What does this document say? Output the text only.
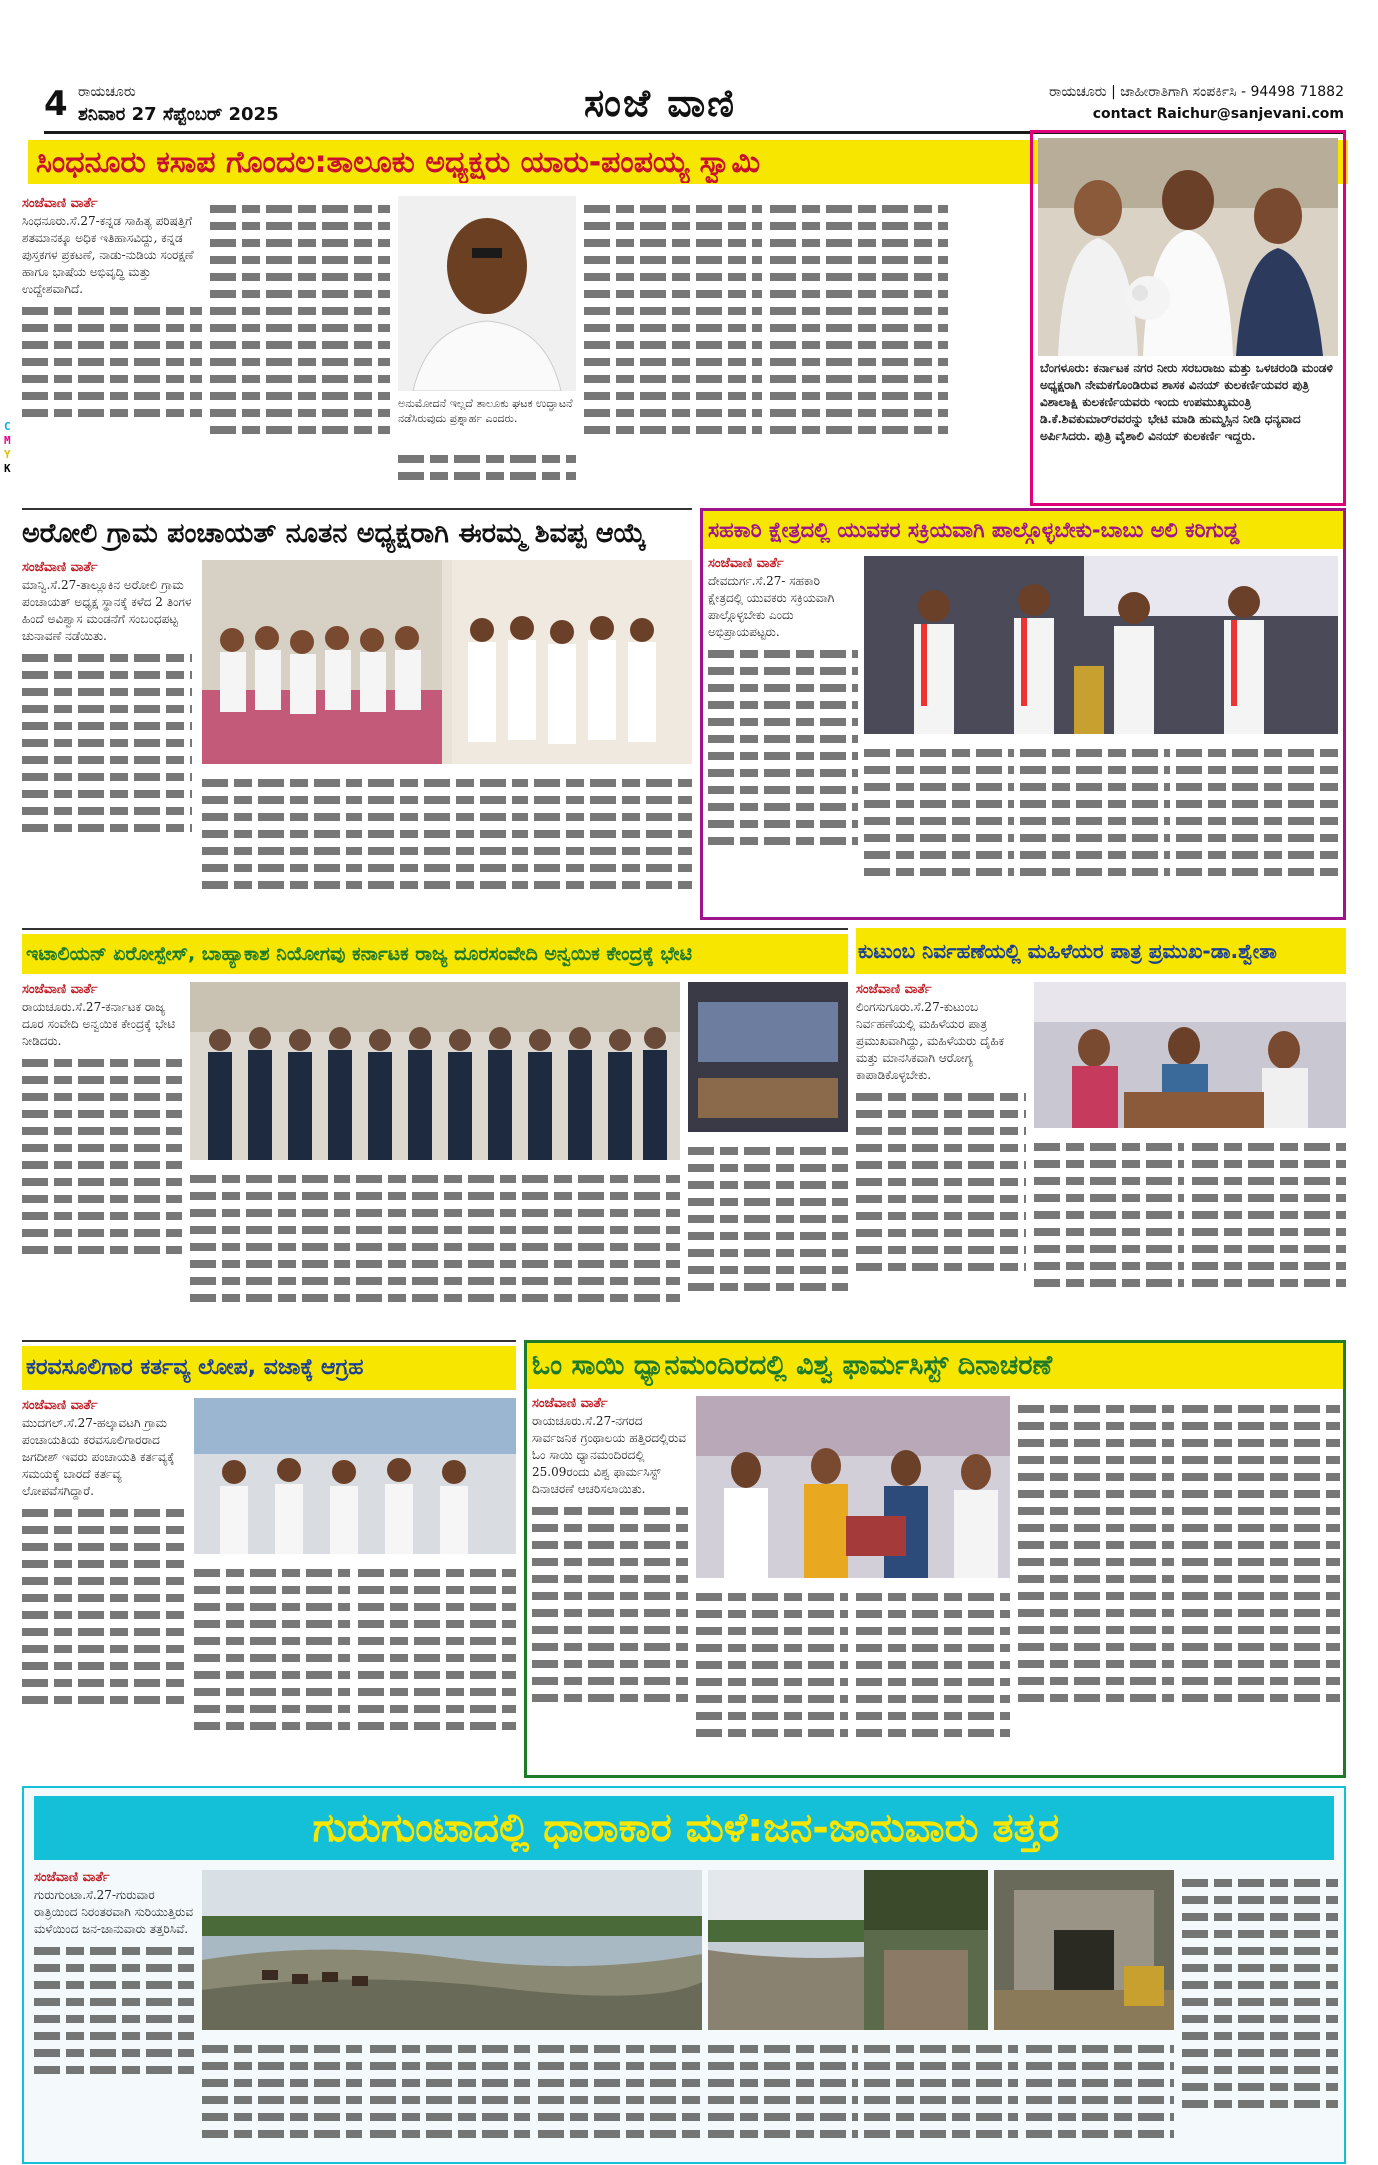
4 ರಾಯಚೂರು
ಶನಿವಾರ 27 ಸೆಪ್ಟೆಂಬರ್ 2025	ಸಂಜೆ ವಾಣಿ	ರಾಯಚೂರು | ಜಾಹೀರಾತಿಗಾಗಿ ಸಂಪರ್ಕಿಸಿ - 94498 71882
contact Raichur@sanjevani.com
C
M
Y
K
ಸಿಂಧನೂರು ಕಸಾಪ ಗೊಂದಲ:ತಾಲೂಕು ಅಧ್ಯಕ್ಷರು ಯಾರು-ಪಂಪಯ್ಯ ಸ್ವಾಮಿ
ಸಂಜೆವಾಣಿ ವಾರ್ತೆ
ಸಿಂಧನೂರು.ಸೆ.27-ಕನ್ನಡ ಸಾಹಿತ್ಯ ಪರಿಷತ್ತಿಗೆ ಶತಮಾನಕ್ಕೂ ಅಧಿಕ ಇತಿಹಾಸವಿದ್ದು, ಕನ್ನಡ ಪುಸ್ತಕಗಳ ಪ್ರಕಟಣೆ, ನಾಡು-ನುಡಿಯ ಸಂರಕ್ಷಣೆ ಹಾಗೂ ಭಾಷೆಯ ಅಭಿವೃದ್ಧಿ ಮತ್ತು ಉದ್ದೇಶವಾಗಿದೆ.
ಅನುಮೋದನೆ ಇಲ್ಲದೆ ತಾಲೂಕು ಘಟಕ ಉದ್ಘಾಟನೆ ನಡೆಸಿರುವುದು ಪ್ರಶ್ನಾರ್ಹ ಎಂದರು.
ಬೆಂಗಳೂರು: ಕರ್ನಾಟಕ ನಗರ ನೀರು ಸರಬರಾಜು ಮತ್ತು ಒಳಚರಂಡಿ ಮಂಡಳಿ ಅಧ್ಯಕ್ಷರಾಗಿ ನೇಮಕಗೊಂಡಿರುವ ಶಾಸಕ ವಿನಯ್ ಕುಲಕರ್ಣಿಯವರ ಪುತ್ರಿ ವಿಶಾಲಾಕ್ಷಿ ಕುಲಕರ್ಣಿಯವರು ಇಂದು ಉಪಮುಖ್ಯಮಂತ್ರಿ ಡಿ.ಕೆ.ಶಿವಕುಮಾರ್‌ರವರನ್ನು ಭೇಟಿ ಮಾಡಿ ಹುಮ್ಮಸ್ಸಿನ ನೀಡಿ ಧನ್ಯವಾದ ಅರ್ಪಿಸಿದರು. ಪುತ್ರಿ ವೈಶಾಲಿ ವಿನಯ್ ಕುಲಕರ್ಣಿ ಇದ್ದರು.
ಅರೋಲಿ ಗ್ರಾಮ ಪಂಚಾಯತ್ ನೂತನ ಅಧ್ಯಕ್ಷರಾಗಿ ಈರಮ್ಮ ಶಿವಪ್ಪ ಆಯ್ಕೆ
ಸಂಜೆವಾಣಿ ವಾರ್ತೆ
ಮಾನ್ವಿ.ಸೆ.27-ತಾಲ್ಲೂಕಿನ ಅರೋಲಿ ಗ್ರಾಮ ಪಂಚಾಯತ್ ಅಧ್ಯಕ್ಷ ಸ್ಥಾನಕ್ಕೆ ಕಳೆದ 2 ತಿಂಗಳ ಹಿಂದೆ ಅವಿಶ್ವಾಸ ಮಂಡನೆಗೆ ಸಂಬಂಧಪಟ್ಟ ಚುನಾವಣೆ ನಡೆಯಿತು.
ಸಹಕಾರಿ ಕ್ಷೇತ್ರದಲ್ಲಿ ಯುವಕರ ಸಕ್ರಿಯವಾಗಿ ಪಾಲ್ಗೊಳ್ಳಬೇಕು-ಬಾಬು ಅಲಿ ಕರಿಗುಡ್ಡ
ಸಂಜೆವಾಣಿ ವಾರ್ತೆ
ದೇವದುರ್ಗ.ಸೆ.27- ಸಹಕಾರಿ ಕ್ಷೇತ್ರದಲ್ಲಿ ಯುವಕರು ಸಕ್ರಿಯವಾಗಿ ಪಾಲ್ಗೊಳ್ಳಬೇಕು ಎಂದು ಅಭಿಪ್ರಾಯಪಟ್ಟರು.
ಇಟಾಲಿಯನ್ ಏರೋಸ್ಪೇಸ್, ಬಾಹ್ಯಾಕಾಶ ನಿಯೋಗವು ಕರ್ನಾಟಕ ರಾಜ್ಯ ದೂರಸಂವೇದಿ ಅನ್ವಯಿಕ ಕೇಂದ್ರಕ್ಕೆ ಭೇಟಿ
ಸಂಜೆವಾಣಿ ವಾರ್ತೆ
ರಾಯಚೂರು.ಸೆ.27-ಕರ್ನಾಟಕ ರಾಜ್ಯ ದೂರ ಸಂವೇದಿ ಅನ್ವಯಿಕ ಕೇಂದ್ರಕ್ಕೆ ಭೇಟಿ ನೀಡಿದರು.
ಕುಟುಂಬ ನಿರ್ವಹಣೆಯಲ್ಲಿ ಮಹಿಳೆಯರ ಪಾತ್ರ ಪ್ರಮುಖ-ಡಾ.ಶ್ವೇತಾ
ಸಂಜೆವಾಣಿ ವಾರ್ತೆ
ಲಿಂಗಸುಗೂರು.ಸೆ.27-ಕುಟುಂಬ ನಿರ್ವಹಣೆಯಲ್ಲಿ ಮಹಿಳೆಯರ ಪಾತ್ರ ಪ್ರಮುಖವಾಗಿದ್ದು, ಮಹಿಳೆಯರು ದೈಹಿಕ ಮತ್ತು ಮಾನಸಿಕವಾಗಿ ಆರೋಗ್ಯ ಕಾಪಾಡಿಕೊಳ್ಳಬೇಕು.
ಕರವಸೂಲಿಗಾರ ಕರ್ತವ್ಯ ಲೋಪ, ವಜಾಕ್ಕೆ ಆಗ್ರಹ
ಸಂಜೆವಾಣಿ ವಾರ್ತೆ
ಮುದಗಲ್.ಸೆ.27-ಹಲ್ಕಾವಟಗಿ ಗ್ರಾಮ ಪಂಚಾಯತಿಯ ಕರವಸೂಲಿಗಾರರಾದ ಜಗದೀಶ್ ಇವರು ಪಂಚಾಯತಿ ಕರ್ತವ್ಯಕ್ಕೆ ಸಮಯಕ್ಕೆ ಬಾರದೆ ಕರ್ತವ್ಯ ಲೋಪವೆಸಗಿದ್ದಾರೆ.
ಓಂ ಸಾಯಿ ಧ್ಯಾನಮಂದಿರದಲ್ಲಿ ವಿಶ್ವ ಫಾರ್ಮಸಿಸ್ಟ್ ದಿನಾಚರಣೆ
ಸಂಜೆವಾಣಿ ವಾರ್ತೆ
ರಾಯಚೂರು.ಸೆ.27-ನಗರದ ಸಾರ್ವಜನಿಕ ಗ್ರಂಥಾಲಯ ಹತ್ತಿರದಲ್ಲಿರುವ ಓಂ ಸಾಯಿ ಧ್ಯಾನಮಂದಿರದಲ್ಲಿ 25.09ರಂದು ವಿಶ್ವ ಫಾರ್ಮಸಿಸ್ಟ್ ದಿನಾಚರಣೆ ಆಚರಿಸಲಾಯಿತು.
ಗುರುಗುಂಟಾದಲ್ಲಿ ಧಾರಾಕಾರ ಮಳೆ:ಜನ-ಜಾನುವಾರು ತತ್ತರ
ಸಂಜೆವಾಣಿ ವಾರ್ತೆ
ಗುರುಗುಂಟಾ.ಸೆ.27-ಗುರುವಾರ ರಾತ್ರಿಯಿಂದ ನಿರಂತರವಾಗಿ ಸುರಿಯುತ್ತಿರುವ ಮಳೆಯಿಂದ ಜನ-ಜಾನುವಾರು ತತ್ತರಿಸಿವೆ.
